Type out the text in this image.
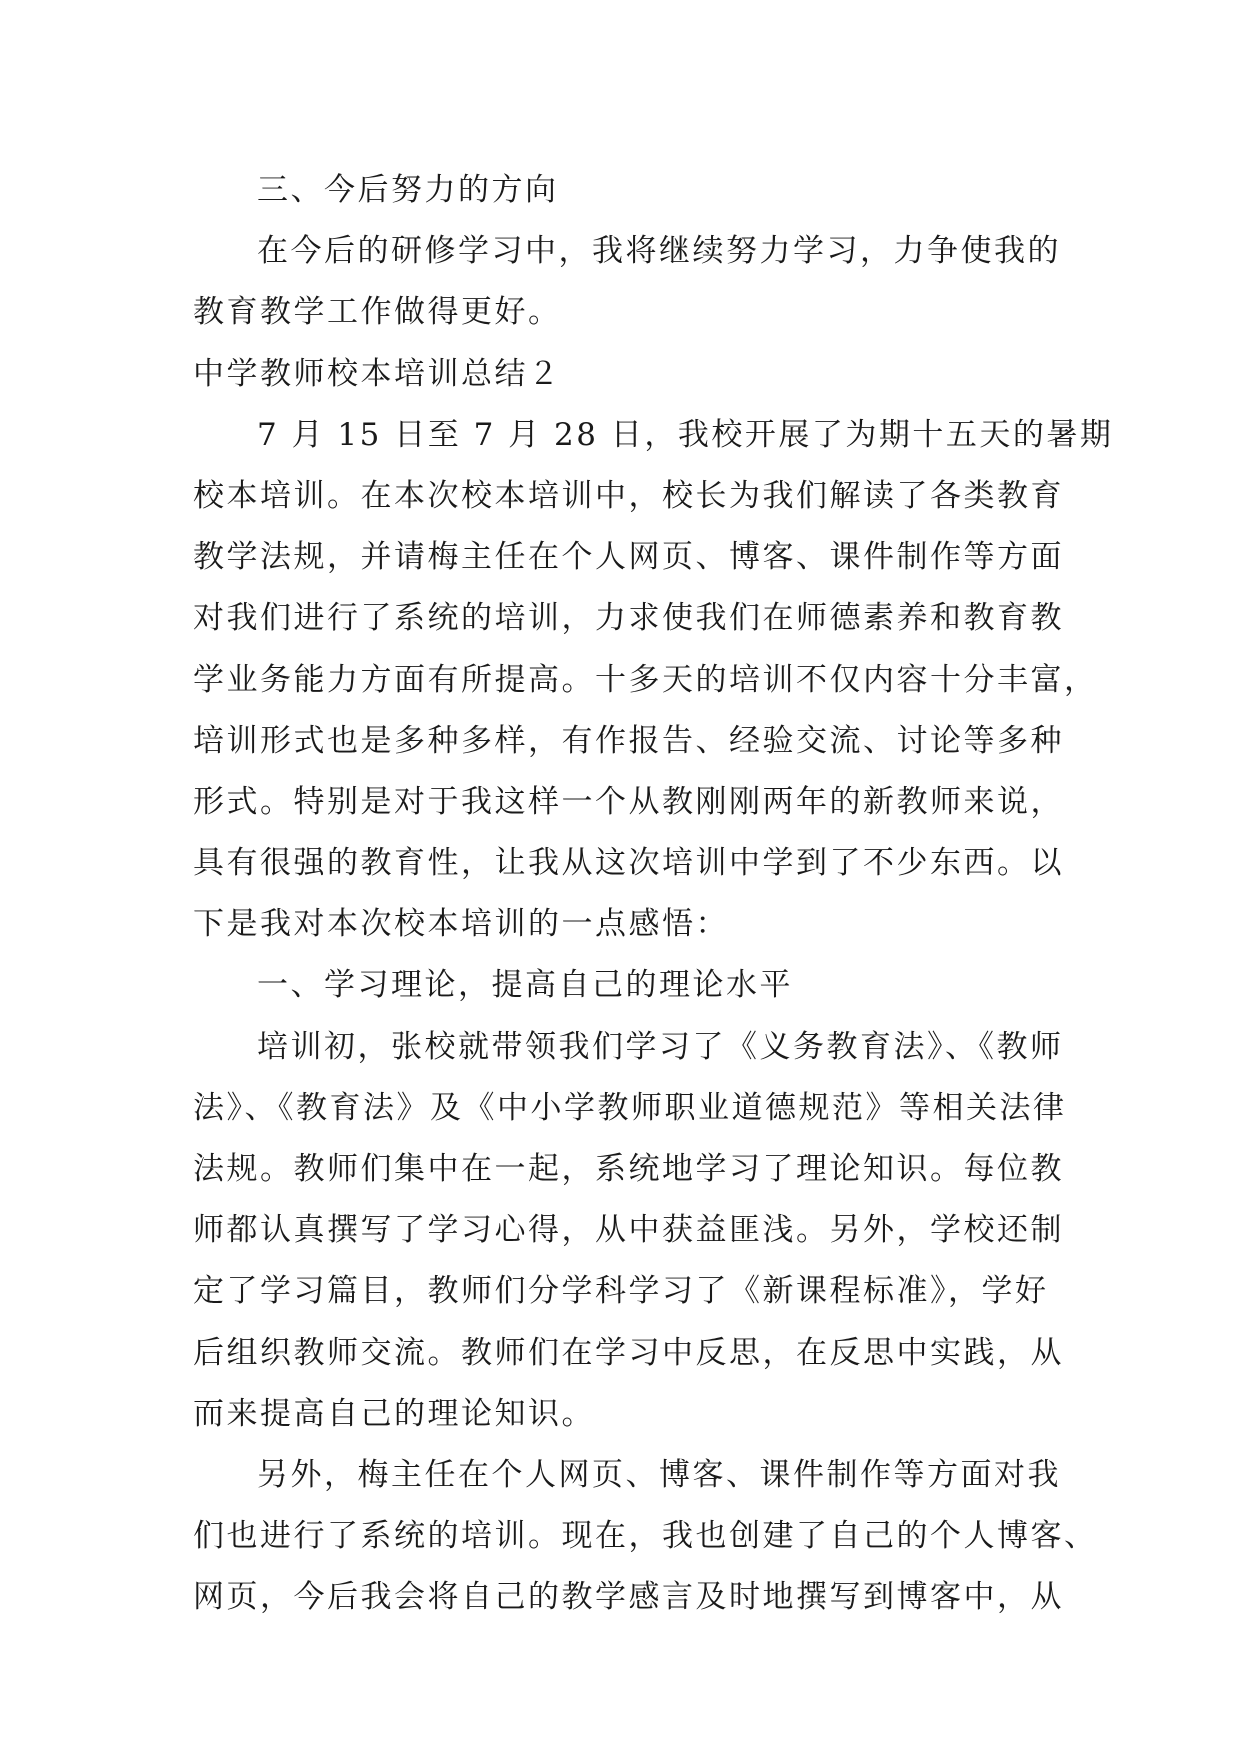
三、今后努力的方向
在今后的研修学习中，我将继续努力学习，力争使我的
教育教学工作做得更好。
中学教师校本培训总结２
7 月 15 日至 7 月 28 日，我校开展了为期十五天的暑期
校本培训。在本次校本培训中，校长为我们解读了各类教育
教学法规，并请梅主任在个人网页、博客、课件制作等方面
对我们进行了系统的培训，力求使我们在师德素养和教育教
学业务能力方面有所提高。十多天的培训不仅内容十分丰富，
培训形式也是多种多样，有作报告、经验交流、讨论等多种
形式。特别是对于我这样一个从教刚刚两年的新教师来说，
具有很强的教育性，让我从这次培训中学到了不少东西。以
下是我对本次校本培训的一点感悟：
一、学习理论，提高自己的理论水平
培训初，张校就带领我们学习了《义务教育法》、《教师
法》、《教育法》及《中小学教师职业道德规范》等相关法律
法规。教师们集中在一起，系统地学习了理论知识。每位教
师都认真撰写了学习心得，从中获益匪浅。另外，学校还制
定了学习篇目，教师们分学科学习了《新课程标准》，学好
后组织教师交流。教师们在学习中反思，在反思中实践，从
而来提高自己的理论知识。
另外，梅主任在个人网页、博客、课件制作等方面对我
们也进行了系统的培训。现在，我也创建了自己的个人博客、
网页，今后我会将自己的教学感言及时地撰写到博客中，从
